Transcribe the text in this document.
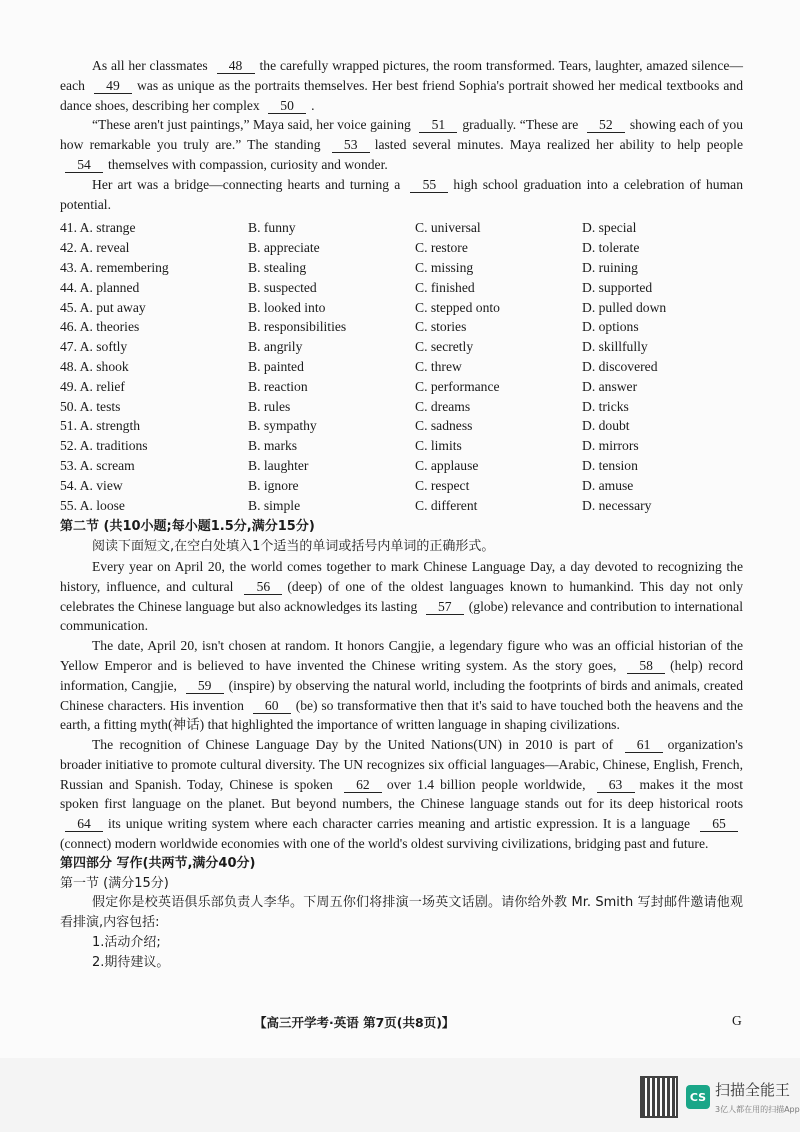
As all her classmates 48 the carefully wrapped pictures, the room transformed. Tears, laughter, amazed silence—each 49 was as unique as the portraits themselves. Her best friend Sophia's portrait showed her medical textbooks and dance shoes, describing her complex 50 .

“These aren't just paintings,” Maya said, her voice gaining 51 gradually. “These are 52 showing each of you how remarkable you truly are.” The standing 53 lasted several minutes. Maya realized her ability to help people 54 themselves with compassion, curiosity and wonder.

Her art was a bridge—connecting hearts and turning a 55 high school graduation into a celebration of human potential.

41. A. strange	B. funny	C. universal	D. special
42. A. reveal	B. appreciate	C. restore	D. tolerate
43. A. remembering	B. stealing	C. missing	D. ruining
44. A. planned	B. suspected	C. finished	D. supported
45. A. put away	B. looked into	C. stepped onto	D. pulled down
46. A. theories	B. responsibilities	C. stories	D. options
47. A. softly	B. angrily	C. secretly	D. skillfully
48. A. shook	B. painted	C. threw	D. discovered
49. A. relief	B. reaction	C. performance	D. answer
50. A. tests	B. rules	C. dreams	D. tricks
51. A. strength	B. sympathy	C. sadness	D. doubt
52. A. traditions	B. marks	C. limits	D. mirrors
53. A. scream	B. laughter	C. applause	D. tension
54. A. view	B. ignore	C. respect	D. amuse
55. A. loose	B. simple	C. different	D. necessary

第二节 (共10小题;每小题1.5分,满分15分)

阅读下面短文,在空白处填入1个适当的单词或括号内单词的正确形式。

Every year on April 20, the world comes together to mark Chinese Language Day, a day devoted to recognizing the history, influence, and cultural 56 (deep) of one of the oldest languages known to humankind. This day not only celebrates the Chinese language but also acknowledges its lasting 57 (globe) relevance and contribution to international communication.

The date, April 20, isn't chosen at random. It honors Cangjie, a legendary figure who was an official historian of the Yellow Emperor and is believed to have invented the Chinese writing system. As the story goes, 58 (help) record information, Cangjie, 59 (inspire) by observing the natural world, including the footprints of birds and animals, created Chinese characters. His invention 60 (be) so transformative then that it's said to have touched both the heavens and the earth, a fitting myth(神话) that highlighted the importance of written language in shaping civilizations.

The recognition of Chinese Language Day by the United Nations(UN) in 2010 is part of 61 organization's broader initiative to promote cultural diversity. The UN recognizes six official languages—Arabic, Chinese, English, French, Russian and Spanish. Today, Chinese is spoken 62 over 1.4 billion people worldwide, 63 makes it the most spoken first language on the planet. But beyond numbers, the Chinese language stands out for its deep historical roots 64 its unique writing system where each character carries meaning and artistic expression. It is a language 65(connect) modern worldwide economies with one of the world's oldest surviving civilizations, bridging past and future.

第四部分 写作(共两节,满分40分)

第一节 (满分15分)

假定你是校英语俱乐部负责人李华。下周五你们将排演一场英文话剧。请你给外教 Mr. Smith 写封邮件邀请他观看排演,内容包括:

1.活动介绍;

2.期待建议。

【高三开学考·英语 第7页(共8页)】	G
CS 扫描全能王
3亿人都在用的扫描App
